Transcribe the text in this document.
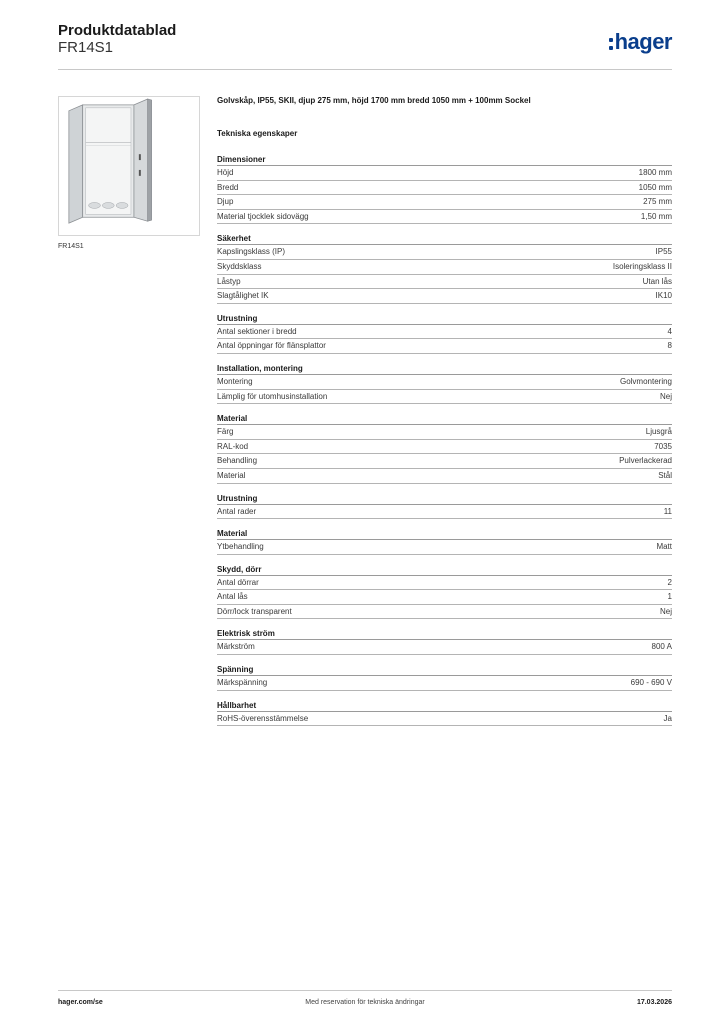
Produktdatablad
FR14S1	hager
FR14S1
Golvskåp, IP55, SKII, djup 275 mm, höjd 1700 mm bredd 1050 mm + 100mm Sockel
Tekniska egenskaper
Dimensioner
Höjd	1800 mm
Bredd	1050 mm
Djup	275 mm
Material tjocklek sidovägg	1,50 mm
Säkerhet
Kapslingsklass (IP)	IP55
Skyddsklass	Isoleringsklass II
Låstyp	Utan lås
Slagtålighet IK	IK10
Utrustning
Antal sektioner i bredd	4
Antal öppningar för flänsplattor	8
Installation, montering
Montering	Golvmontering
Lämplig för utomhusinstallation	Nej
Material
Färg	Ljusgrå
RAL-kod	7035
Behandling	Pulverlackerad
Material	Stål
Utrustning
Antal rader	11
Material
Ytbehandling	Matt
Skydd, dörr
Antal dörrar	2
Antal lås	1
Dörr/lock transparent	Nej
Elektrisk ström
Märkström	800 A
Spänning
Märkspänning	690 - 690 V
Hållbarhet
RoHS-överensstämmelse	Ja
hager.com/se	Med reservation för tekniska ändringar	17.03.2026
